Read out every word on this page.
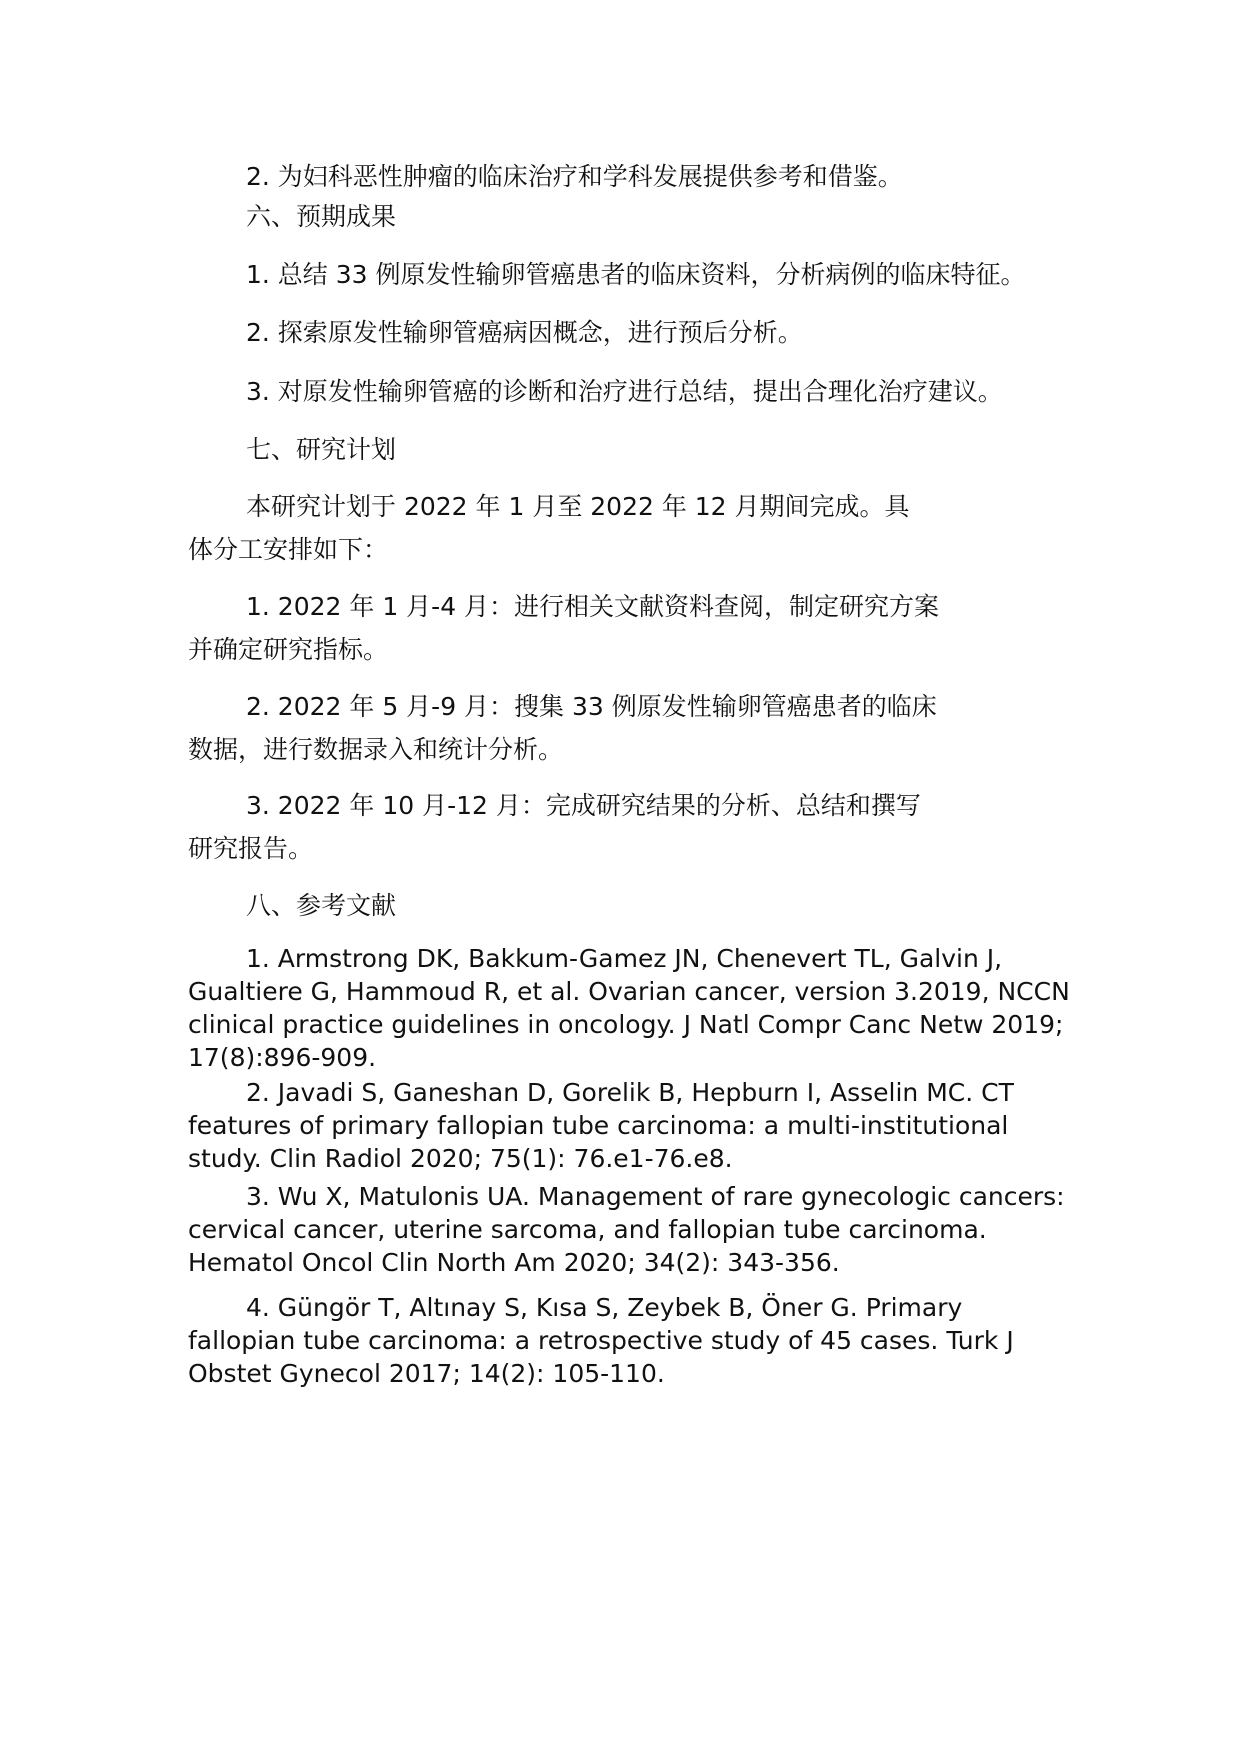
2. 为妇科恶性肿瘤的临床治疗和学科发展提供参考和借鉴。

六、预期成果

1. 总结 33 例原发性输卵管癌患者的临床资料，分析病例的临床特征。

2. 探索原发性输卵管癌病因概念，进行预后分析。

3. 对原发性输卵管癌的诊断和治疗进行总结，提出合理化治疗建议。

七、研究计划

本研究计划于 2022 年 1 月至 2022 年 12 月期间完成。具体分工安排如下：

1. 2022 年 1 月-4 月：进行相关文献资料查阅，制定研究方案并确定研究指标。

2. 2022 年 5 月-9 月：搜集 33 例原发性输卵管癌患者的临床数据，进行数据录入和统计分析。

3. 2022 年 10 月-12 月：完成研究结果的分析、总结和撰写研究报告。

八、参考文献

1. Armstrong DK, Bakkum-Gamez JN, Chenevert TL, Galvin J, Gualtiere G, Hammoud R, et al. Ovarian cancer, version 3.2019, NCCN clinical practice guidelines in oncology. J Natl Compr Canc Netw 2019; 17(8):896-909.

2. Javadi S, Ganeshan D, Gorelik B, Hepburn I, Asselin MC. CT features of primary fallopian tube carcinoma: a multi-institutional study. Clin Radiol 2020; 75(1): 76.e1-76.e8.

3. Wu X, Matulonis UA. Management of rare gynecologic cancers: cervical cancer, uterine sarcoma, and fallopian tube carcinoma. Hematol Oncol Clin North Am 2020; 34(2): 343-356.

4. Güngör T, Altınay S, Kısa S, Zeybek B, Öner G. Primary fallopian tube carcinoma: a retrospective study of 45 cases. Turk J Obstet Gynecol 2017; 14(2): 105-110.
